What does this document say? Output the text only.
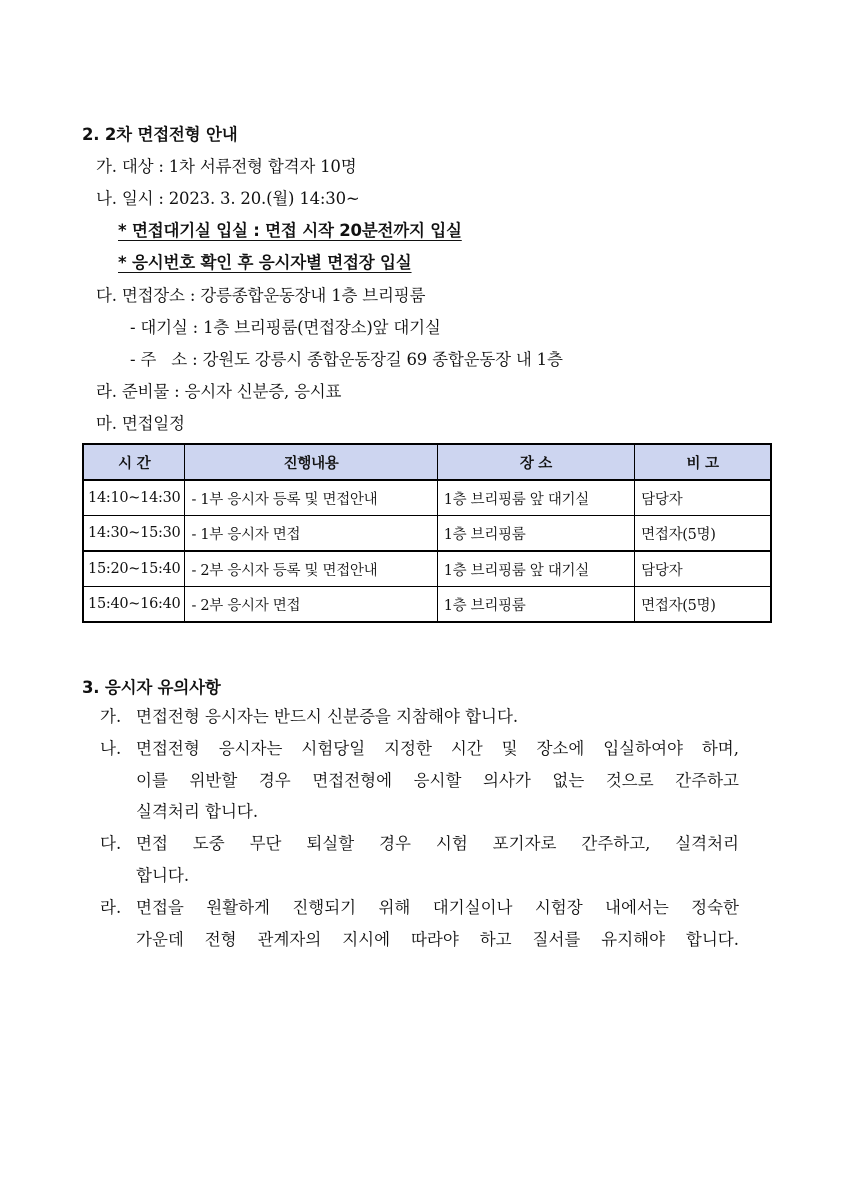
2. 2차 면접전형 안내
가. 대상 : 1차 서류전형 합격자 10명
나. 일시 : 2023. 3. 20.(월) 14:30~
* 면접대기실 입실 : 면접 시작 20분전까지 입실
* 응시번호 확인 후 응시자별 면접장 입실
다. 면접장소 : 강릉종합운동장내 1층 브리핑룸
- 대기실 : 1층 브리핑룸(면접장소)앞 대기실
- 주   소 : 강원도 강릉시 종합운동장길 69 종합운동장 내 1층
라. 준비물 : 응시자 신분증, 응시표
마. 면접일정
시 간	진행내용	장 소	비 고
14:10~14:30	- 1부 응시자 등록 및 면접안내	1층 브리핑룸 앞 대기실	담당자
14:30~15:30	- 1부 응시자 면접	1층 브리핑룸	면접자(5명)
15:20~15:40	- 2부 응시자 등록 및 면접안내	1층 브리핑룸 앞 대기실	담당자
15:40~16:40	- 2부 응시자 면접	1층 브리핑룸	면접자(5명)
3. 응시자 유의사항
가. 면접전형 응시자는 반드시 신분증을 지참해야 합니다.
나. 면접전형 응시자는 시험당일 지정한 시간 및 장소에 입실하여야 하며,
이를 위반할 경우 면접전형에 응시할 의사가 없는 것으로 간주하고
실격처리 합니다.
다. 면접 도중 무단 퇴실할 경우 시험 포기자로 간주하고, 실격처리
합니다.
라. 면접을 원활하게 진행되기 위해 대기실이나 시험장 내에서는 정숙한
가운데 전형 관계자의 지시에 따라야 하고 질서를 유지해야 합니다.
